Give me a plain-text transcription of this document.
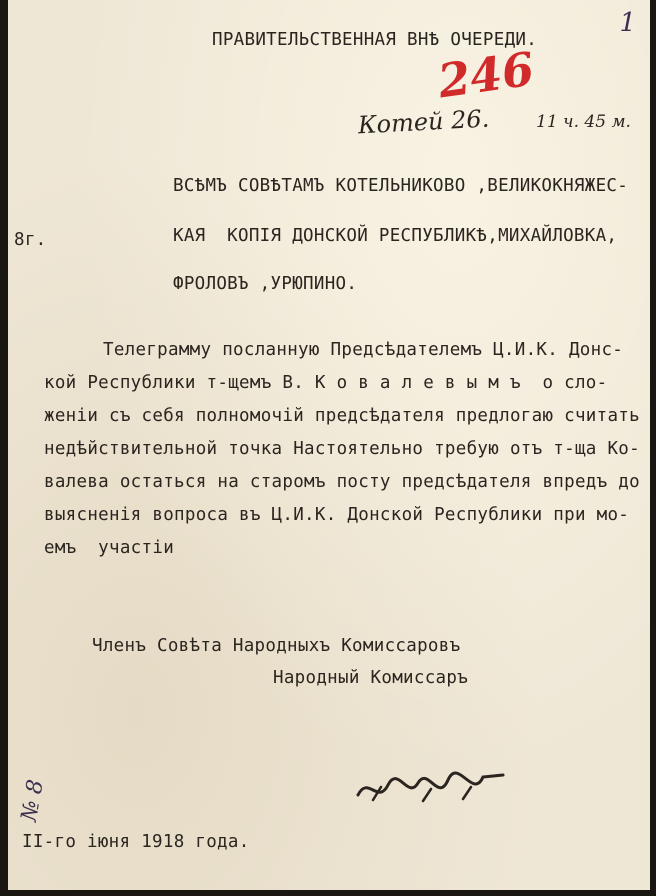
1
ПРАВИТЕЛЬСТВЕННАЯ ВНѢ ОЧЕРЕДИ.
246
Котей 26.	11 ч. 45 м.
8г.
ВСѢМЪ СОВѢТАМЪ КОТЕЛЬНИКОВО ,ВЕЛИКОКНЯЖЕС-
КАЯ  КОПІЯ ДОНСКОЙ РЕСПУБЛИКѢ,МИХАЙЛОВКА,
ФРОЛОВЪ ,УРЮПИНО.
Телеграмму посланную Предсѣдателемъ Ц.И.К. Донс-
кой Республики т-щемъ В. К о в а л е в ы м ъ  о сло-
женіи съ себя полномочій предсѣдателя предлогаю считать
недѣйствительной точка Настоятельно требую отъ т-ща Ко-
валева остаться на старомъ посту предсѣдателя впредъ до
выясненія вопроса въ Ц.И.К. Донской Республики при мо-
емъ  участіи
Членъ Совѣта Народныхъ Комиссаровъ
Народный Комиссаръ
№ 8
II-го іюня 1918 года.
